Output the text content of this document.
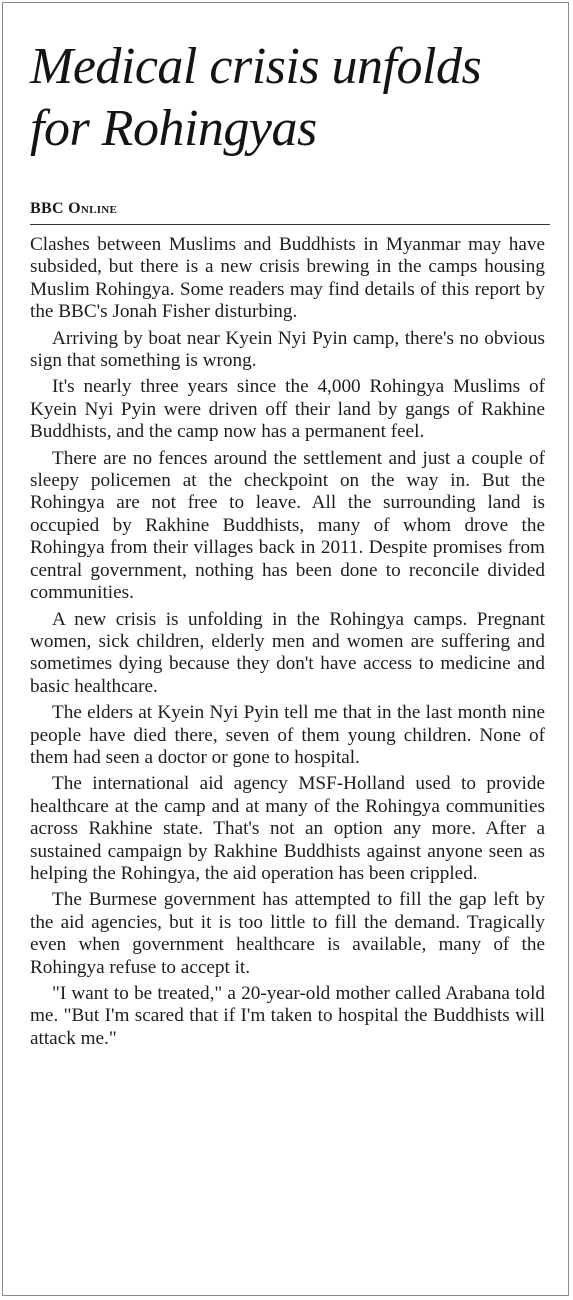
Medical crisis unfolds for Rohingyas
BBC Online

Clashes between Muslims and Buddhists in Myanmar may have subsided, but there is a new crisis brewing in the camps housing Muslim Rohingya. Some readers may find details of this report by the BBC's Jonah Fisher disturbing.

Arriving by boat near Kyein Nyi Pyin camp, there's no obvious sign that something is wrong.

It's nearly three years since the 4,000 Rohingya Muslims of Kyein Nyi Pyin were driven off their land by gangs of Rakhine Buddhists, and the camp now has a permanent feel.

There are no fences around the settlement and just a couple of sleepy policemen at the checkpoint on the way in. But the Rohingya are not free to leave. All the surrounding land is occupied by Rakhine Buddhists, many of whom drove the Rohingya from their villages back in 2011. Despite promises from central government, nothing has been done to reconcile divided communities.

A new crisis is unfolding in the Rohingya camps. Pregnant women, sick children, elderly men and women are suffering and sometimes dying because they don't have access to medicine and basic healthcare.

The elders at Kyein Nyi Pyin tell me that in the last month nine people have died there, seven of them young children. None of them had seen a doctor or gone to hospital.

The international aid agency MSF-Holland used to provide healthcare at the camp and at many of the Rohingya communities across Rakhine state. That's not an option any more. After a sustained campaign by Rakhine Buddhists against anyone seen as helping the Rohingya, the aid operation has been crippled.

The Burmese government has attempted to fill the gap left by the aid agencies, but it is too little to fill the demand. Tragically even when government healthcare is available, many of the Rohingya refuse to accept it.

"I want to be treated," a 20-year-old mother called Arabana told me. "But I'm scared that if I'm taken to hospital the Buddhists will attack me."
